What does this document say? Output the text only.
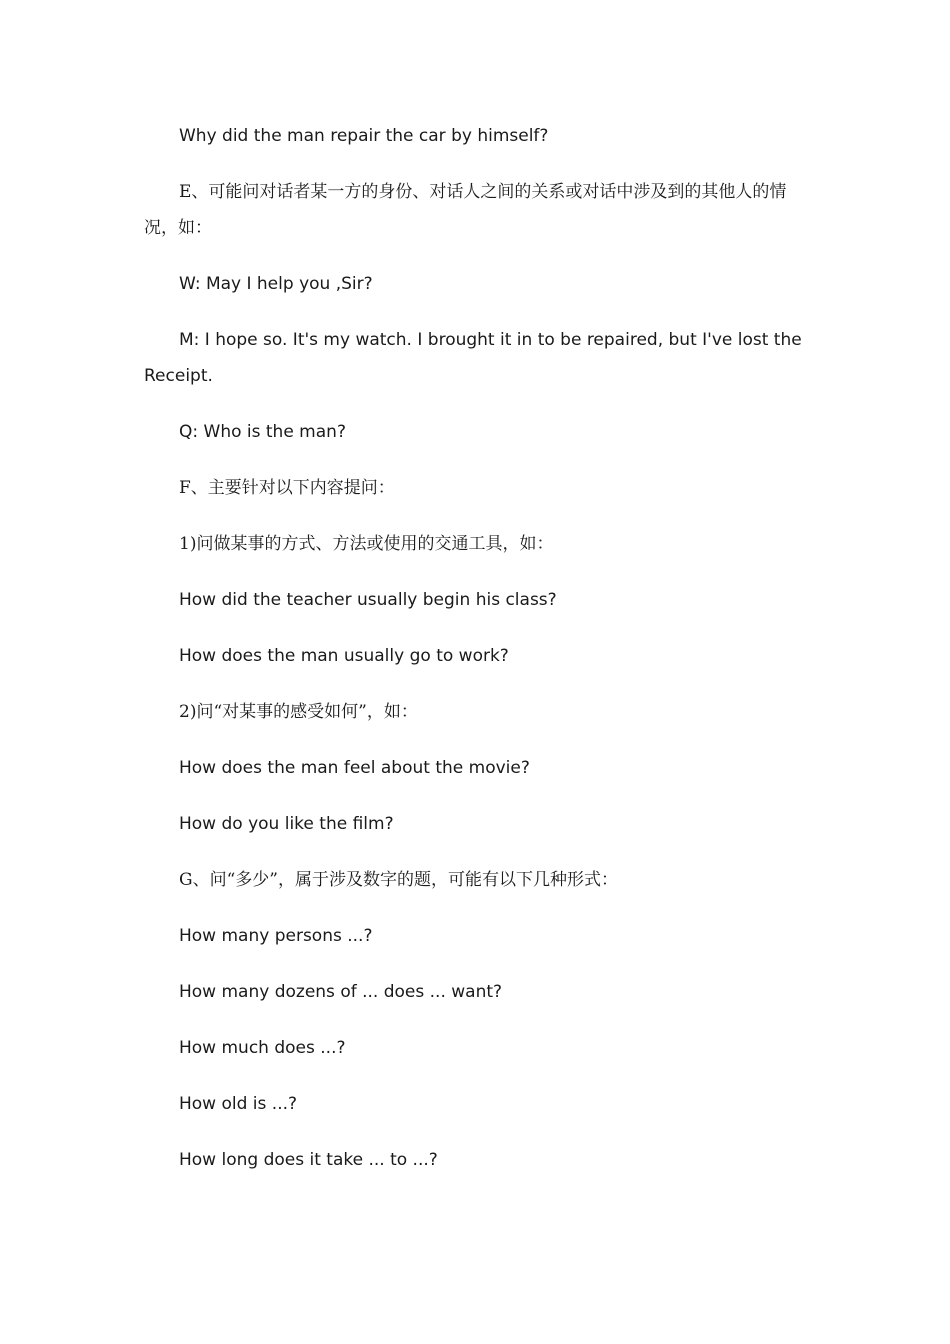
Why did the man repair the car by himself?

E、可能问对话者某一方的身份、对话人之间的关系或对话中涉及到的其他人的情况，如：

W: May I help you ,Sir?

M: I hope so. It's my watch. I brought it in to be repaired, but I've lost the Receipt.

Q: Who is the man?

F、主要针对以下内容提问：

1)问做某事的方式、方法或使用的交通工具，如：

How did the teacher usually begin his class?

How does the man usually go to work?

2)问“对某事的感受如何”，如：

How does the man feel about the movie?

How do you like the film?

G、问“多少”，属于涉及数字的题，可能有以下几种形式：

How many persons ...?

How many dozens of ... does ... want?

How much does ...?

How old is ...?

How long does it take ... to ...?
